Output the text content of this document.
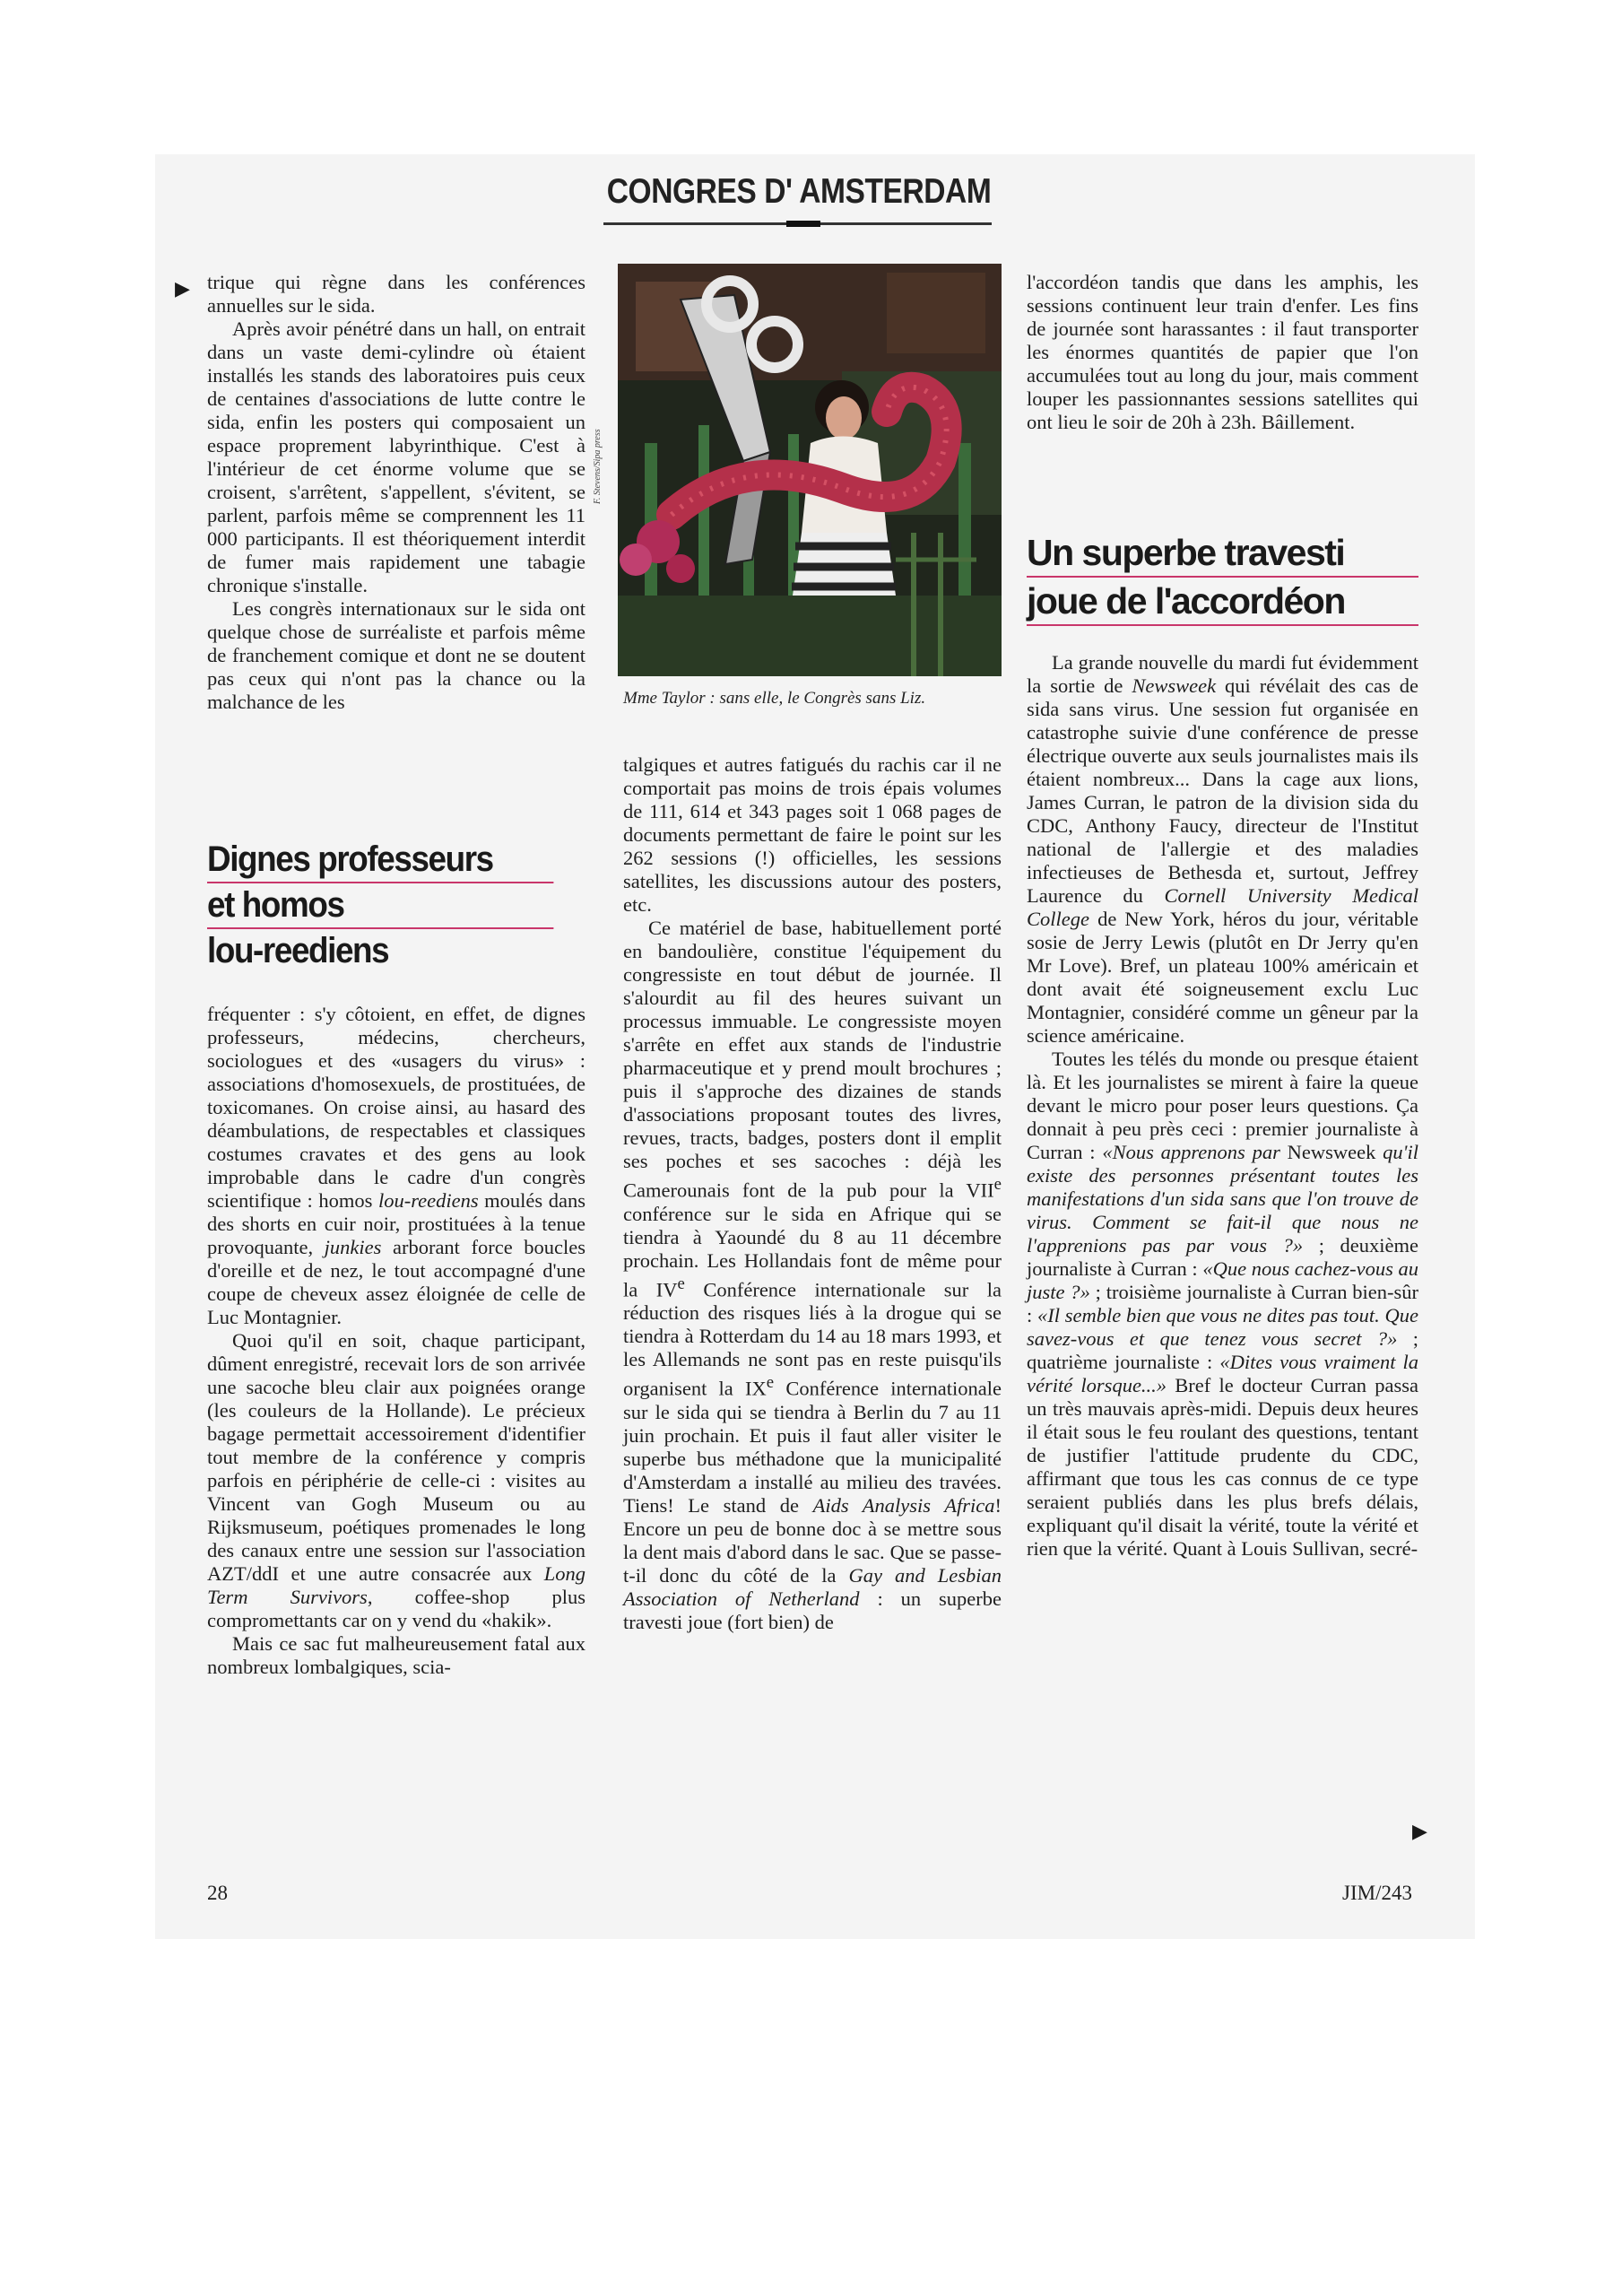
CONGRES D' AMSTERDAM
▶ trique qui règne dans les conférences annuelles sur le sida.

Après avoir pénétré dans un hall, on entrait dans un vaste demi-cylindre où étaient installés les stands des laboratoires puis ceux de centaines d'associations de lutte contre le sida, enfin les posters qui composaient un espace proprement labyrinthique. C'est à l'intérieur de cet énorme volume que se croisent, s'arrêtent, s'appellent, s'évitent, se parlent, parfois même se comprennent les 11 000 participants. Il est théoriquement interdit de fumer mais rapidement une tabagie chronique s'installe.

Les congrès internationaux sur le sida ont quelque chose de surréaliste et parfois même de franchement comique et dont ne se doutent pas ceux qui n'ont pas la chance ou la malchance de les

Dignes professeurs
et homos
lou-reediens

fréquenter : s'y côtoient, en effet, de dignes professeurs, médecins, chercheurs, sociologues et des «usagers du virus» : associations d'homosexuels, de prostituées, de toxicomanes. On croise ainsi, au hasard des déambulations, de respectables et classiques costumes cravates et des gens au look improbable dans le cadre d'un congrès scientifique : homos lou-reediens moulés dans des shorts en cuir noir, prostituées à la tenue provoquante, junkies arborant force boucles d'oreille et de nez, le tout accompagné d'une coupe de cheveux assez éloignée de celle de Luc Montagnier.

Quoi qu'il en soit, chaque participant, dûment enregistré, recevait lors de son arrivée une sacoche bleu clair aux poignées orange (les couleurs de la Hollande). Le précieux bagage permettait accessoirement d'identifier tout membre de la conférence y compris parfois en périphérie de celle-ci : visites au Vincent van Gogh Museum ou au Rijksmuseum, poétiques promenades le long des canaux entre une session sur l'association AZT/ddI et une autre consacrée aux Long Term Survivors, coffee-shop plus compromettants car on y vend du «hakik».

Mais ce sac fut malheureusement fatal aux nombreux lombalgiques, scia-

F. Stevens/Sipa press
Mme Taylor : sans elle, le Congrès sans Liz.

talgiques et autres fatigués du rachis car il ne comportait pas moins de trois épais volumes de 111, 614 et 343 pages soit 1 068 pages de documents permettant de faire le point sur les 262 sessions (!) officielles, les sessions satellites, les discussions autour des posters, etc.

Ce matériel de base, habituellement porté en bandoulière, constitue l'équipement du congressiste en tout début de journée. Il s'alourdit au fil des heures suivant un processus immuable. Le congressiste moyen s'arrête en effet aux stands de l'industrie pharmaceutique et y prend moult brochures ; puis il s'approche des dizaines de stands d'associations proposant toutes des livres, revues, tracts, badges, posters dont il emplit ses poches et ses sacoches : déjà les Camerounais font de la pub pour la VIIe conférence sur le sida en Afrique qui se tiendra à Yaoundé du 8 au 11 décembre prochain. Les Hollandais font de même pour la IVe Conférence internationale sur la réduction des risques liés à la drogue qui se tiendra à Rotterdam du 14 au 18 mars 1993, et les Allemands ne sont pas en reste puisqu'ils organisent la IXe Conférence internationale sur le sida qui se tiendra à Berlin du 7 au 11 juin prochain. Et puis il faut aller visiter le superbe bus méthadone que la municipalité d'Amsterdam a installé au milieu des travées. Tiens! Le stand de Aids Analysis Africa! Encore un peu de bonne doc à se mettre sous la dent mais d'abord dans le sac. Que se passe-t-il donc du côté de la Gay and Lesbian Association of Netherland : un superbe travesti joue (fort bien) de

l'accordéon tandis que dans les amphis, les sessions continuent leur train d'enfer. Les fins de journée sont harassantes : il faut transporter les énormes quantités de papier que l'on accumulées tout au long du jour, mais comment louper les passionnantes sessions satellites qui ont lieu le soir de 20h à 23h. Bâillement.

Un superbe travesti
joue de l'accordéon

La grande nouvelle du mardi fut évidemment la sortie de Newsweek qui révélait des cas de sida sans virus. Une session fut organisée en catastrophe suivie d'une conférence de presse électrique ouverte aux seuls journalistes mais ils étaient nombreux... Dans la cage aux lions, James Curran, le patron de la division sida du CDC, Anthony Faucy, directeur de l'Institut national de l'allergie et des maladies infectieuses de Bethesda et, surtout, Jeffrey Laurence du Cornell University Medical College de New York, héros du jour, véritable sosie de Jerry Lewis (plutôt en Dr Jerry qu'en Mr Love). Bref, un plateau 100% américain et dont avait été soigneusement exclu Luc Montagnier, considéré comme un gêneur par la science américaine.

Toutes les télés du monde ou presque étaient là. Et les journalistes se mirent à faire la queue devant le micro pour poser leurs questions. Ça donnait à peu près ceci : premier journaliste à Curran : «Nous apprenons par Newsweek qu'il existe des personnes présentant toutes les manifestations d'un sida sans que l'on trouve de virus. Comment se fait-il que nous ne l'apprenions pas par vous ?» ; deuxième journaliste à Curran : «Que nous cachez-vous au juste ?» ; troisième journaliste à Curran bien-sûr : «Il semble bien que vous ne dites pas tout. Que savez-vous et que tenez vous secret ?» ; quatrième journaliste : «Dites vous vraiment la vérité lorsque...» Bref le docteur Curran passa un très mauvais après-midi. Depuis deux heures il était sous le feu roulant des questions, tentant de justifier l'attitude prudente du CDC, affirmant que tous les cas connus de ce type seraient publiés dans les plus brefs délais, expliquant qu'il disait la vérité, toute la vérité et rien que la vérité. Quant à Louis Sullivan, secré-

▶
28	JIM/243
